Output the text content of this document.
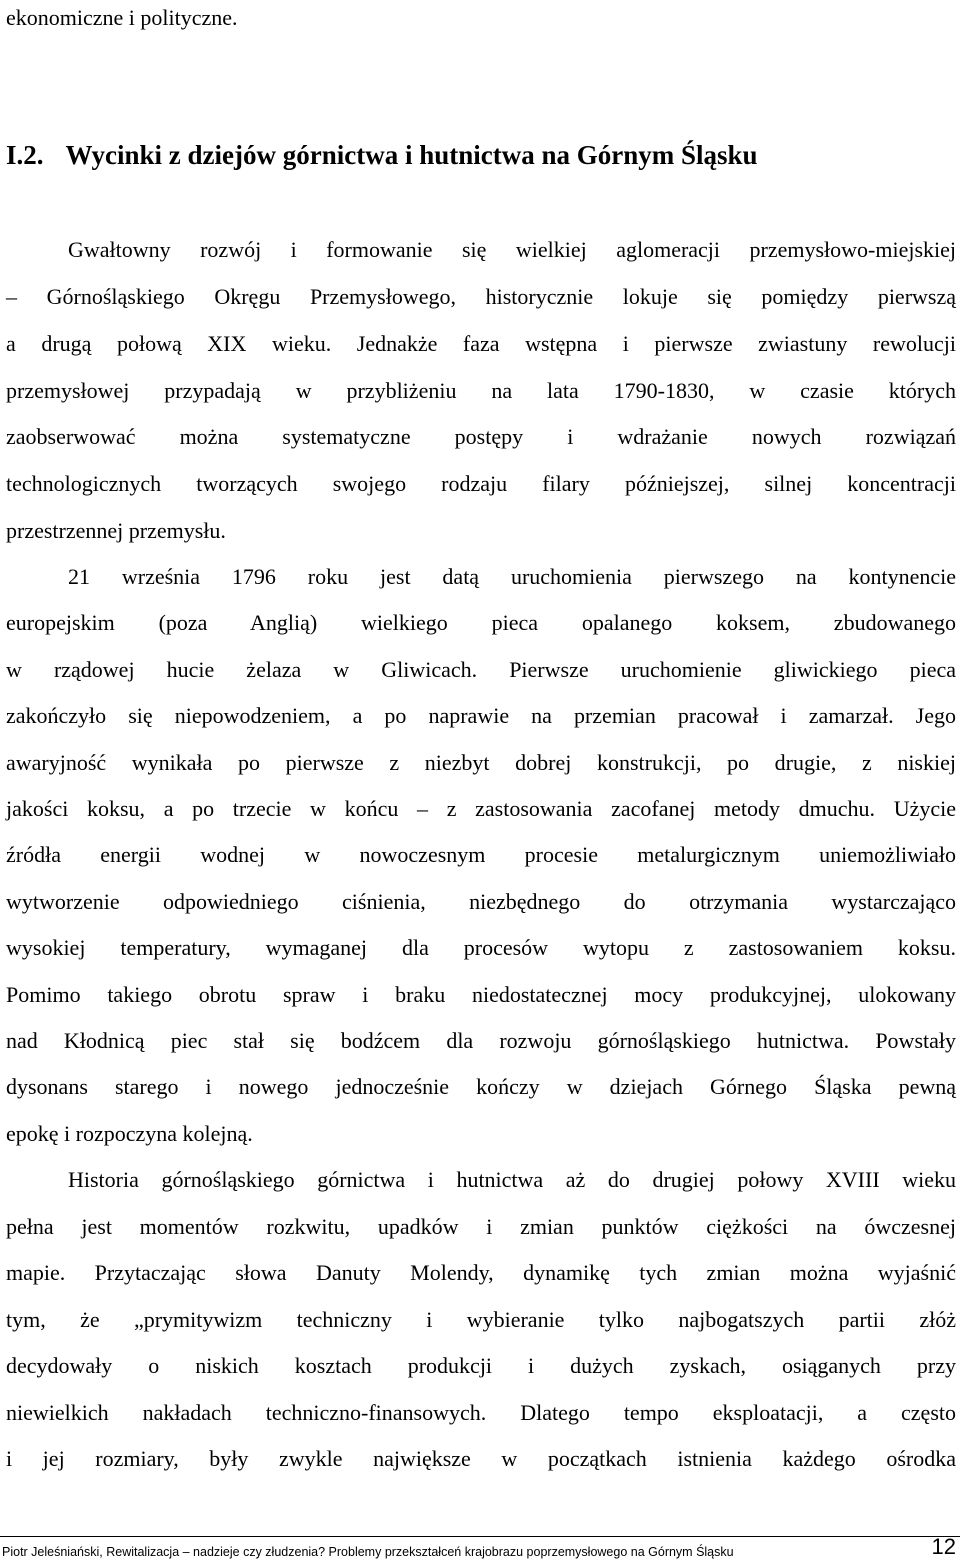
ekonomiczne i polityczne.
I.2. Wycinki z dziejów górnictwa i hutnictwa na Górnym Śląsku
Gwałtowny rozwój i formowanie się wielkiej aglomeracji przemysłowo-miejskiej
– Górnośląskiego Okręgu Przemysłowego, historycznie lokuje się pomiędzy pierwszą
a drugą połową XIX wieku. Jednakże faza wstępna i pierwsze zwiastuny rewolucji
przemysłowej przypadają w przybliżeniu na lata 1790-1830, w czasie których
zaobserwować można systematyczne postępy i wdrażanie nowych rozwiązań
technologicznych tworzących swojego rodzaju filary późniejszej, silnej koncentracji
przestrzennej przemysłu.
21 września 1796 roku jest datą uruchomienia pierwszego na kontynencie
europejskim (poza Anglią) wielkiego pieca opalanego koksem, zbudowanego
w rządowej hucie żelaza w Gliwicach. Pierwsze uruchomienie gliwickiego pieca
zakończyło się niepowodzeniem, a po naprawie na przemian pracował i zamarzał. Jego
awaryjność wynikała po pierwsze z niezbyt dobrej konstrukcji, po drugie, z niskiej
jakości koksu, a po trzecie w końcu – z zastosowania zacofanej metody dmuchu. Użycie
źródła energii wodnej w nowoczesnym procesie metalurgicznym uniemożliwiało
wytworzenie odpowiedniego ciśnienia, niezbędnego do otrzymania wystarczająco
wysokiej temperatury, wymaganej dla procesów wytopu z zastosowaniem koksu.
Pomimo takiego obrotu spraw i braku niedostatecznej mocy produkcyjnej, ulokowany
nad Kłodnicą piec stał się bodźcem dla rozwoju górnośląskiego hutnictwa. Powstały
dysonans starego i nowego jednocześnie kończy w dziejach Górnego Śląska pewną
epokę i rozpoczyna kolejną.
Historia górnośląskiego górnictwa i hutnictwa aż do drugiej połowy XVIII wieku
pełna jest momentów rozkwitu, upadków i zmian punktów ciężkości na ówczesnej
mapie. Przytaczając słowa Danuty Molendy, dynamikę tych zmian można wyjaśnić
tym, że „prymitywizm techniczny i wybieranie tylko najbogatszych partii złóż
decydowały o niskich kosztach produkcji i dużych zyskach, osiąganych przy
niewielkich nakładach techniczno-finansowych. Dlatego tempo eksploatacji, a często
i jej rozmiary, były zwykle największe w początkach istnienia każdego ośrodka
Piotr Jeleśniański, Rewitalizacja – nadzieje czy złudzenia? Problemy przekształceń krajobrazu poprzemysłowego na Górnym Śląsku	12
